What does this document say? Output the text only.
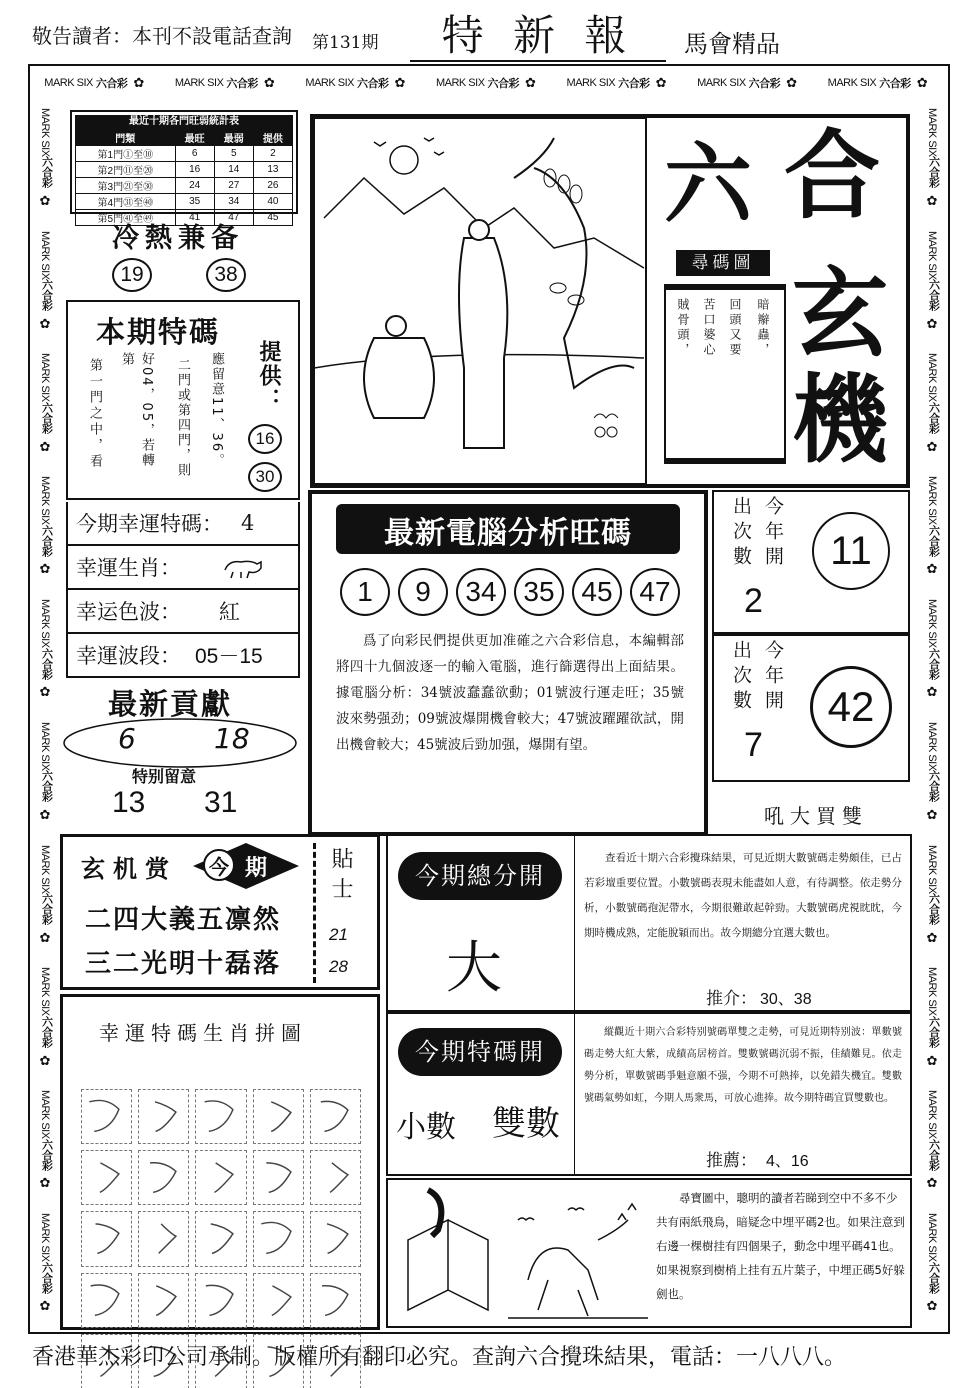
敬告讀者：本刊不設電話查詢 第131期	特 新 報	馬會精品
MARK SIX 六合彩 ✿	MARK SIX 六合彩 ✿	MARK SIX 六合彩 ✿	MARK SIX 六合彩 ✿	MARK SIX 六合彩 ✿	MARK SIX 六合彩 ✿	MARK SIX 六合彩 ✿
MARK SIX
六合彩
✿
MARK SIX
六合彩
✿
MARK SIX
六合彩
✿
MARK SIX
六合彩
✿
MARK SIX
六合彩
✿
MARK SIX
六合彩
✿
MARK SIX
六合彩
✿
MARK SIX
六合彩
✿
MARK SIX
六合彩
✿
MARK SIX
六合彩
✿
MARK SIX
六合彩
✿
MARK SIX
六合彩
✿
MARK SIX
六合彩
✿
MARK SIX
六合彩
✿
MARK SIX
六合彩
✿
MARK SIX
六合彩
✿
MARK SIX
六合彩
✿
MARK SIX
六合彩
✿
MARK SIX
六合彩
✿
MARK SIX
六合彩
✿
最近十期各門旺弱統計表
門類	最旺	最弱	提供
第1門①至⑩	6	5	2
第2門⑪至⑳	16	14	13
第3門㉑至㉚	24	27	26
第4門㉛至㊵	35	34	40
第5門㊶至㊾	41	47	45
冷熱兼备
19	38
本期特碼
第一門之中，看	好04，05，若轉第	二門或第四門，則 應留意11、36。 提供：
16
30
今期幸運特碼： 4
幸運生肖：
幸运色波： 紅
幸運波段： 05－15
最新貢獻
6	18
特别留意
13 31
玄机赏	今 期
二四大義五凛然
三二光明十磊落
貼士
21
28
幸運特碼生肖拼圖
六 合
玄
機
尋碼圖
暗辮蟲，
回頭又要
苦口婆心
賊骨頭，
最新電腦分析旺碼
1	9	34 35 45 47
爲了向彩民們提供更加准確之六合彩信息，本編輯部將四十九個波逐一的輸入電腦，進行篩選得出上面結果。據電腦分析：34號波蠢蠢欲動；01號波行運走旺；35號波來勢强劲；09號波爆開機會較大；47號波躍躍欲試，開出機會較大；45號波后勁加强，爆開有望。
出次數 今年開
2
11
出次數 今年開
7
42
吼大買雙
今期總分開
大
查看近十期六合彩攪珠結果，可見近期大數號碼走勢頗佳，已占若彩壇重要位置。小數號碼表現未能盡如人意，有待調整。依走勢分析，小數號碼孢泥帶水，今期很難敢起幹勁。大數號碼虎視眈眈，今期時機成熟，定能脫穎而出。故今期總分宜選大數也。
推介： 30、38
今期特碼開
小數 雙數
縱觀近十期六合彩特别號碼單雙之走勢，可見近期特别波：單數號碼走勢大紅大紫，成績高居榜首。雙數號碼沉弱不振，佳績難見。依走勢分析，單數號碼爭魁意願不强，今期不可熱捧，以免錯失機宜。雙數號碼氣勢如虹，今期人馬衆馬，可放心進捧。故今期特碼宜買雙數也。
推薦： 4、16
尋寶圖中，聰明的讀者若睇到空中不多不少共有兩紙飛鳥，暗疑念中埋平碼2也。如果注意到右邊一棵樹挂有四個果子，動念中埋平碼41也。如果視察到樹梢上挂有五片葉子，中埋正碼5好躲劍也。
香港華杰彩印公司承制。版權所有翻印必究。查詢六合攪珠結果，電話：一八八八。
